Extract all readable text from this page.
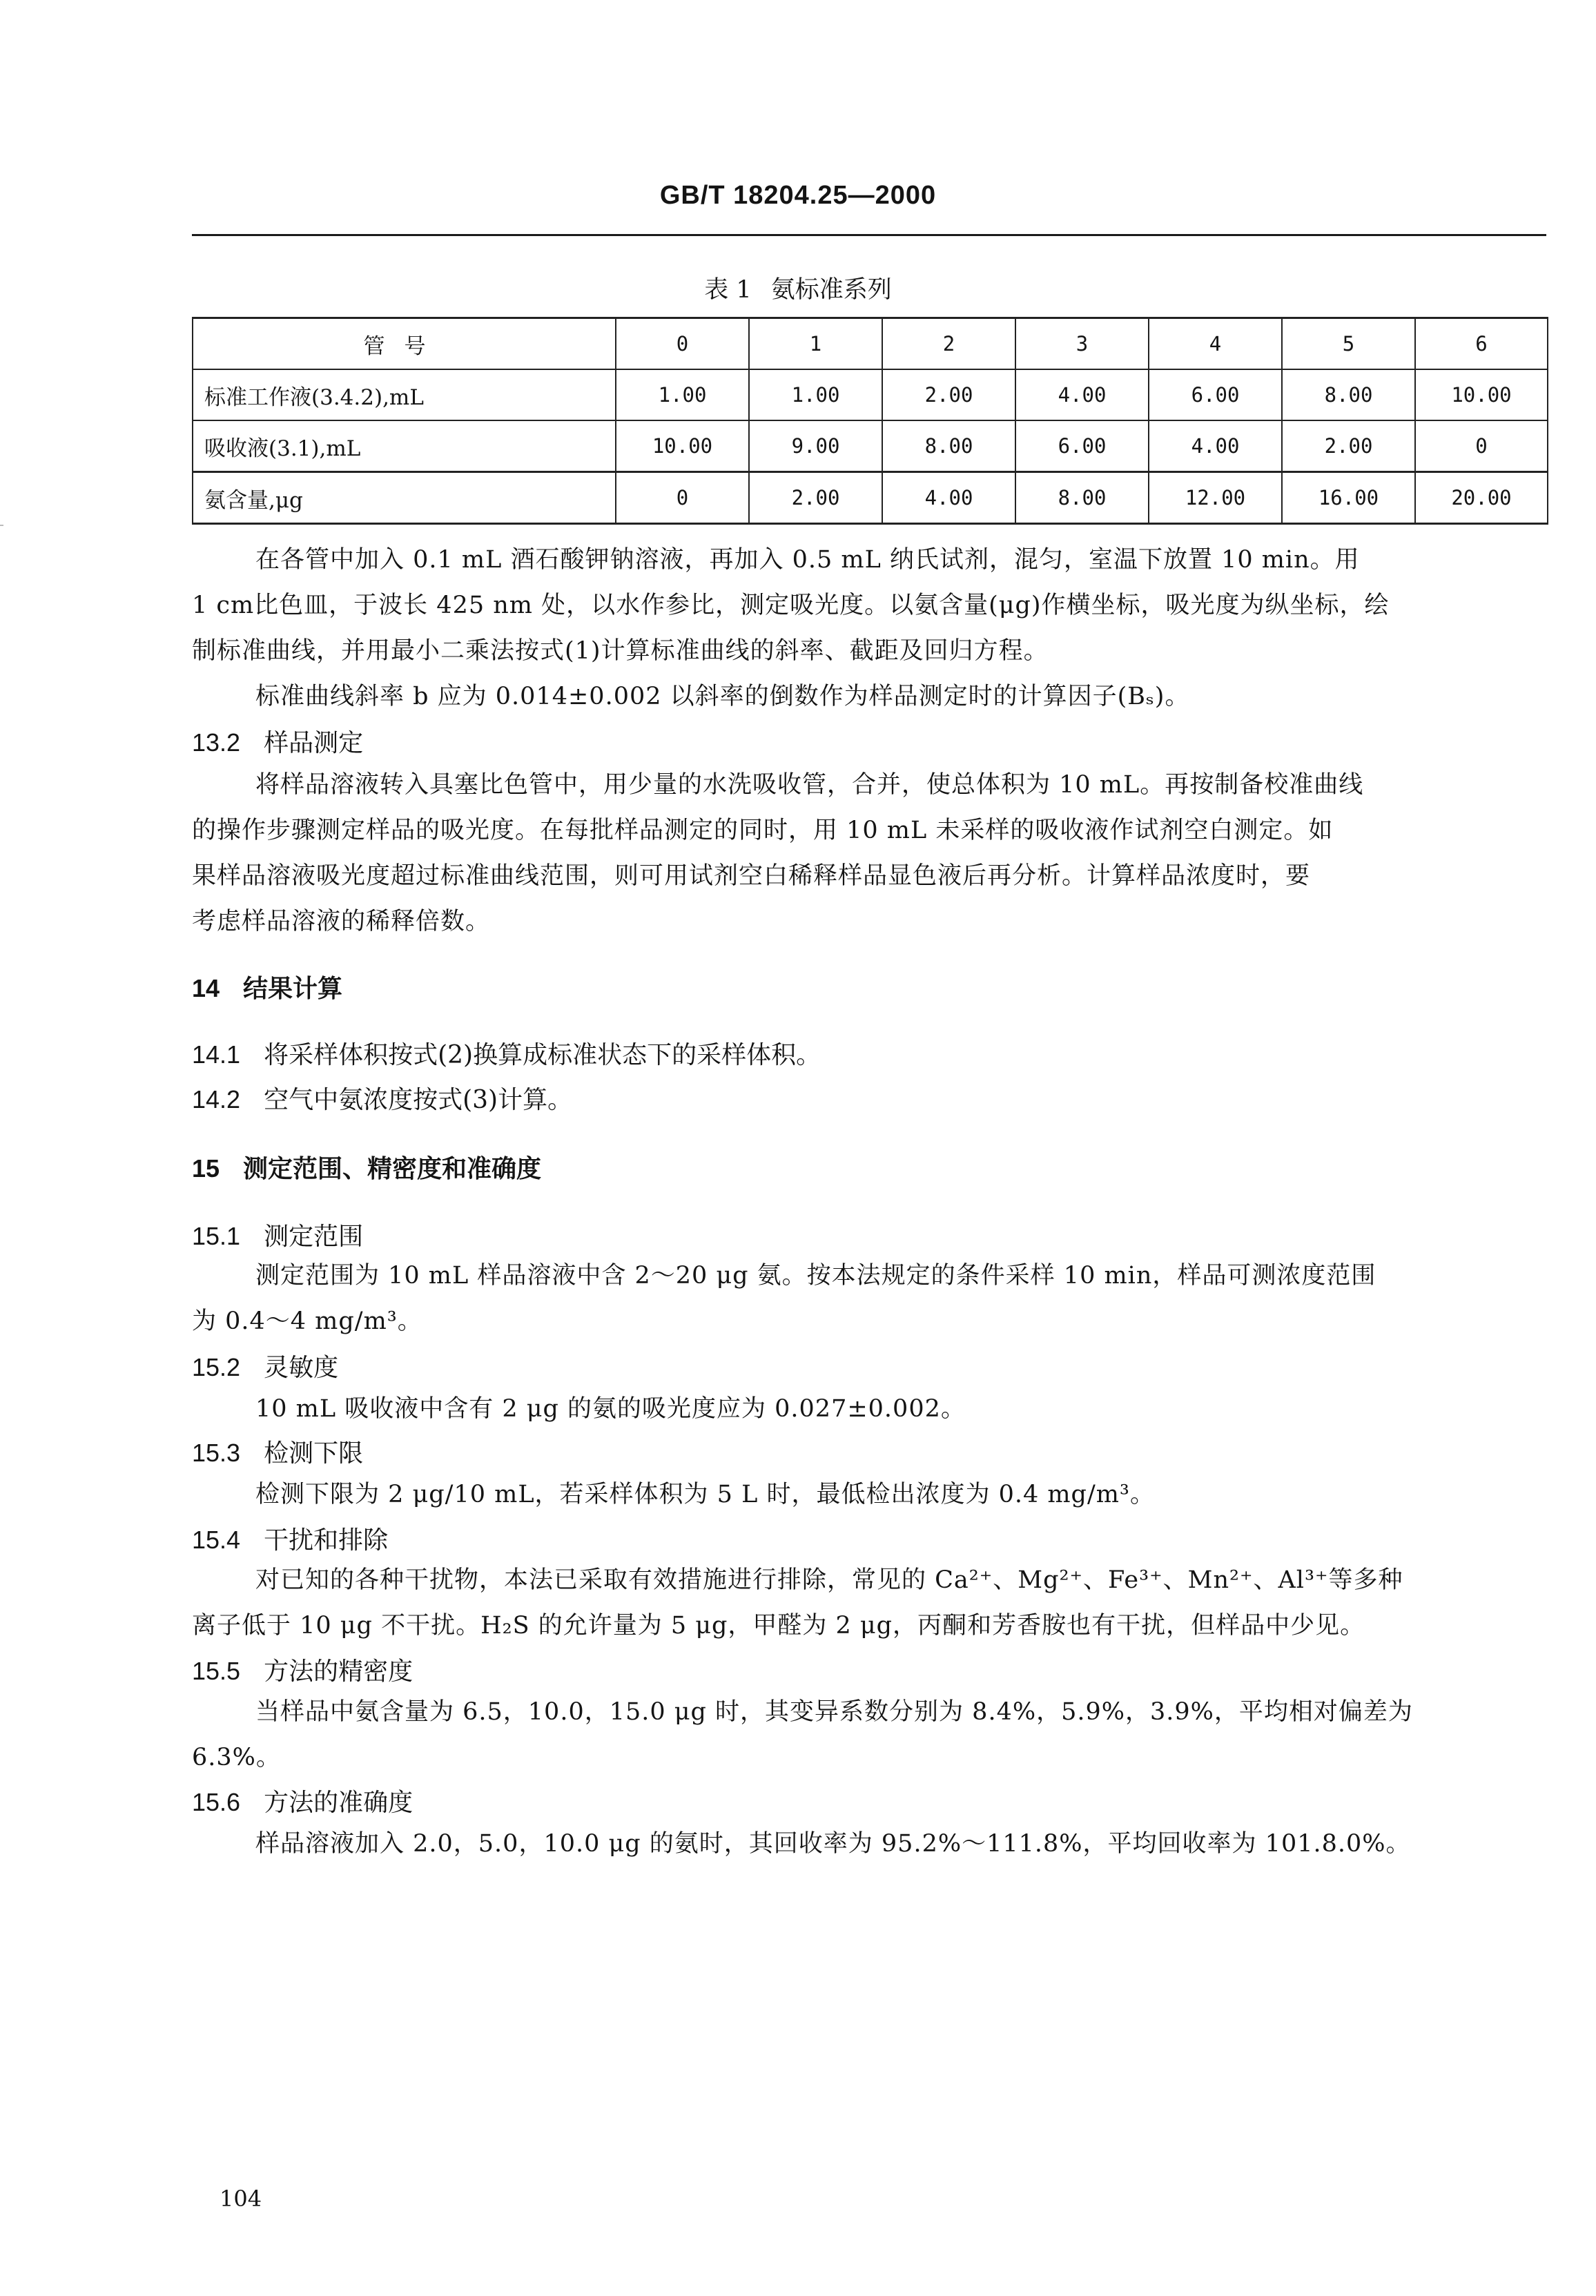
GB/T 18204.25—2000
表 1 氨标准系列
管号	0	1	2	3	4	5	6
标准工作液(3.4.2),mL	1.00	1.00	2.00	4.00	6.00	8.00	10.00
吸收液(3.1),mL	10.00	9.00	8.00	6.00	4.00	2.00	0
氨含量,μg	0	2.00	4.00	8.00	12.00	16.00	20.00
在各管中加入 0.1 mL 酒石酸钾钠溶液，再加入 0.5 mL 纳氏试剂，混匀，室温下放置 10 min。用
1 cm比色皿，于波长 425 nm 处，以水作参比，测定吸光度。以氨含量(μg)作横坐标，吸光度为纵坐标，绘
制标准曲线，并用最小二乘法按式(1)计算标准曲线的斜率、截距及回归方程。
标准曲线斜率 b 应为 0.014±0.002 以斜率的倒数作为样品测定时的计算因子(Bₛ)。
13.2 样品测定
将样品溶液转入具塞比色管中，用少量的水洗吸收管，合并，使总体积为 10 mL。再按制备校准曲线
的操作步骤测定样品的吸光度。在每批样品测定的同时，用 10 mL 未采样的吸收液作试剂空白测定。如
果样品溶液吸光度超过标准曲线范围，则可用试剂空白稀释样品显色液后再分析。计算样品浓度时，要
考虑样品溶液的稀释倍数。
14 结果计算
14.1 将采样体积按式(2)换算成标准状态下的采样体积。
14.2 空气中氨浓度按式(3)计算。
15 测定范围、精密度和准确度
15.1 测定范围
测定范围为 10 mL 样品溶液中含 2～20 μg 氨。按本法规定的条件采样 10 min，样品可测浓度范围
为 0.4～4 mg/m³。
15.2 灵敏度
10 mL 吸收液中含有 2 μg 的氨的吸光度应为 0.027±0.002。
15.3 检测下限
检测下限为 2 μg/10 mL，若采样体积为 5 L 时，最低检出浓度为 0.4 mg/m³。
15.4 干扰和排除
对已知的各种干扰物，本法已采取有效措施进行排除，常见的 Ca²⁺、Mg²⁺、Fe³⁺、Mn²⁺、Al³⁺等多种
离子低于 10 μg 不干扰。H₂S 的允许量为 5 μg，甲醛为 2 μg，丙酮和芳香胺也有干扰，但样品中少见。
15.5 方法的精密度
当样品中氨含量为 6.5，10.0，15.0 μg 时，其变异系数分别为 8.4%，5.9%，3.9%，平均相对偏差为
6.3%。
15.6 方法的准确度
样品溶液加入 2.0，5.0，10.0 μg 的氨时，其回收率为 95.2%～111.8%，平均回收率为 101.8.0%。
104
